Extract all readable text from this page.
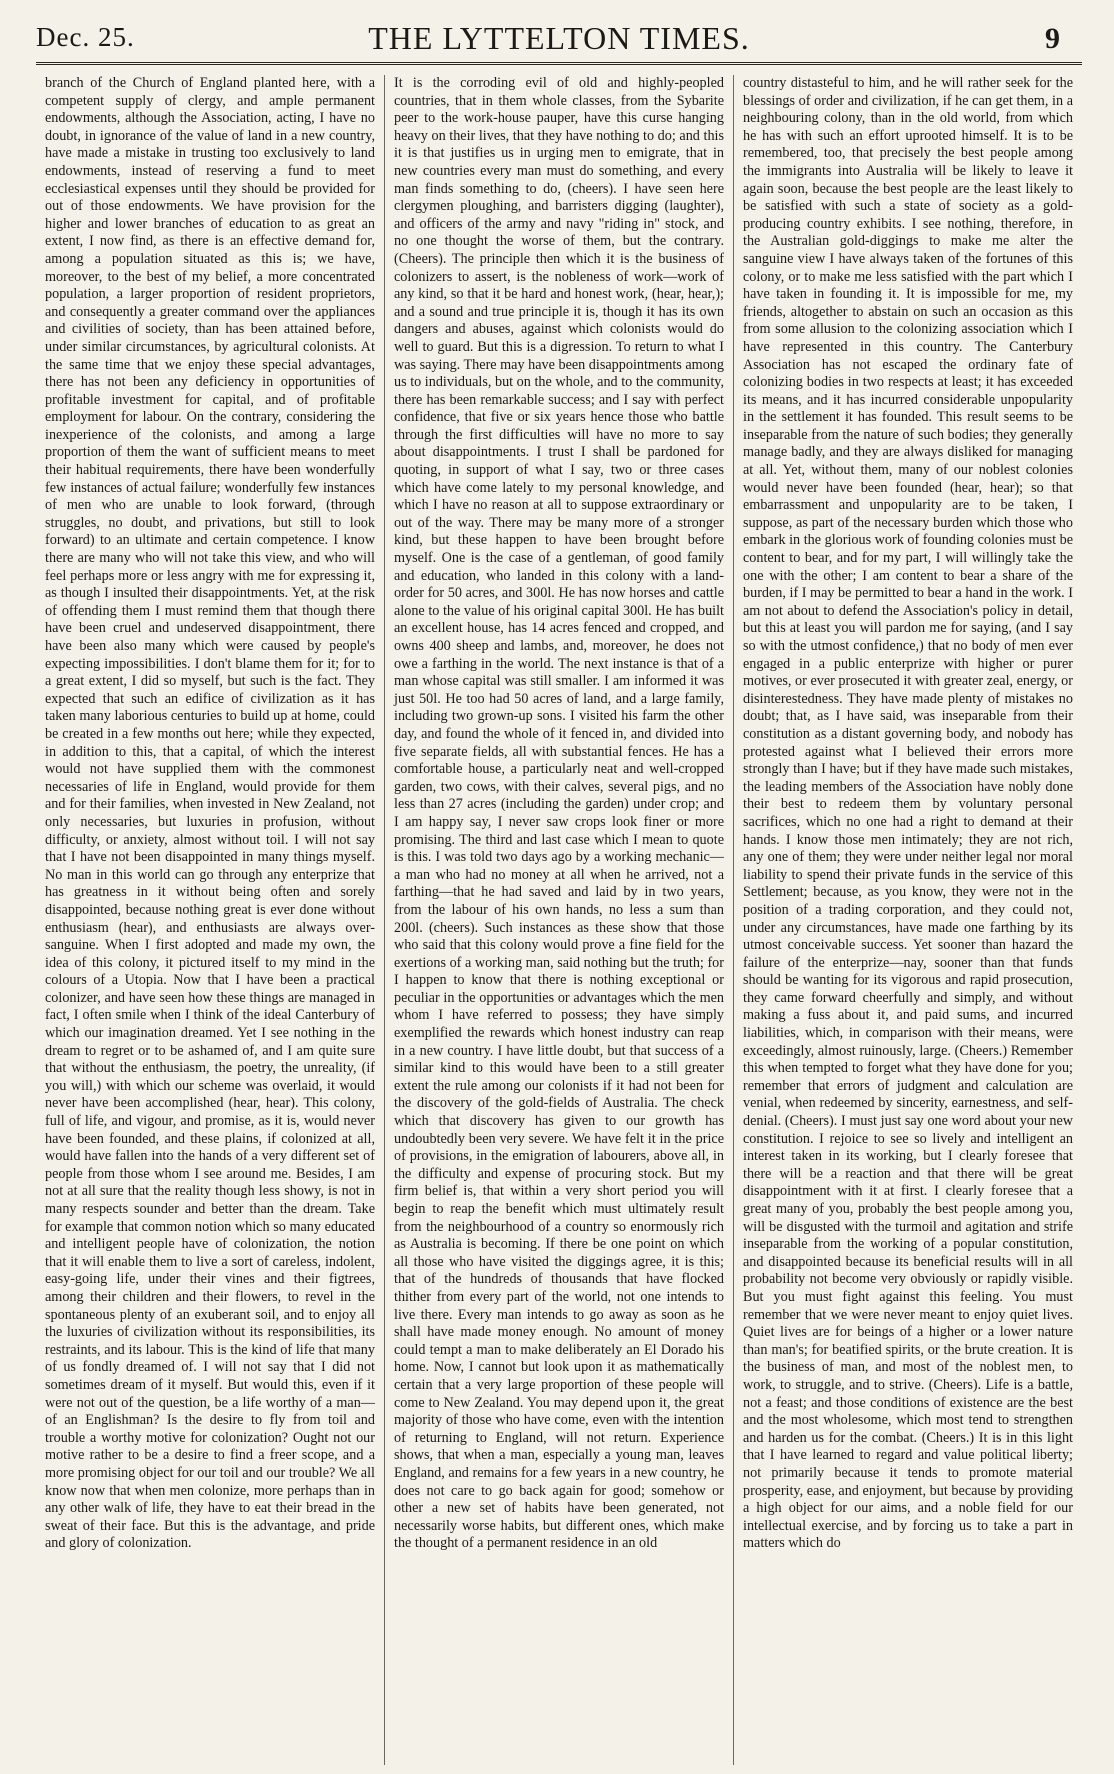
Dec. 25.	THE LYTTELTON TIMES.	9

branch of the Church of England planted here, with a competent supply of clergy, and ample permanent endowments, although the Association, acting, I have no doubt, in ignorance of the value of land in a new country, have made a mistake in trusting too exclusively to land endowments, instead of reserving a fund to meet ecclesiastical expenses until they should be provided for out of those endowments. We have provision for the higher and lower branches of education to as great an extent, I now find, as there is an effective demand for, among a population situated as this is; we have, moreover, to the best of my belief, a more concentrated population, a larger proportion of resident proprietors, and consequently a greater command over the appliances and civilities of society, than has been attained before, under similar circumstances, by agricultural colonists. At the same time that we enjoy these special advantages, there has not been any deficiency in opportunities of profitable investment for capital, and of profitable employment for labour. On the contrary, considering the inexperience of the colonists, and among a large proportion of them the want of sufficient means to meet their habitual requirements, there have been wonderfully few instances of actual failure; wonderfully few instances of men who are unable to look forward, (through struggles, no doubt, and privations, but still to look forward) to an ultimate and certain competence. I know there are many who will not take this view, and who will feel perhaps more or less angry with me for expressing it, as though I insulted their disappointments. Yet, at the risk of offending them I must remind them that though there have been cruel and undeserved disappointment, there have been also many which were caused by people's expecting impossibilities. I don't blame them for it; for to a great extent, I did so myself, but such is the fact. They expected that such an edifice of civilization as it has taken many laborious centuries to build up at home, could be created in a few months out here; while they expected, in addition to this, that a capital, of which the interest would not have supplied them with the commonest necessaries of life in England, would provide for them and for their families, when invested in New Zealand, not only necessaries, but luxuries in profusion, without difficulty, or anxiety, almost without toil. I will not say that I have not been disappointed in many things myself. No man in this world can go through any enterprize that has greatness in it without being often and sorely disappointed, because nothing great is ever done without enthusiasm (hear), and enthusiasts are always over-sanguine. When I first adopted and made my own, the idea of this colony, it pictured itself to my mind in the colours of a Utopia. Now that I have been a practical colonizer, and have seen how these things are managed in fact, I often smile when I think of the ideal Canterbury of which our imagination dreamed. Yet I see nothing in the dream to regret or to be ashamed of, and I am quite sure that without the enthusiasm, the poetry, the unreality, (if you will,) with which our scheme was overlaid, it would never have been accomplished (hear, hear). This colony, full of life, and vigour, and promise, as it is, would never have been founded, and these plains, if colonized at all, would have fallen into the hands of a very different set of people from those whom I see around me. Besides, I am not at all sure that the reality though less showy, is not in many respects sounder and better than the dream. Take for example that common notion which so many educated and intelligent people have of colonization, the notion that it will enable them to live a sort of careless, indolent, easy-going life, under their vines and their figtrees, among their children and their flowers, to revel in the spontaneous plenty of an exuberant soil, and to enjoy all the luxuries of civilization without its responsibilities, its restraints, and its labour. This is the kind of life that many of us fondly dreamed of. I will not say that I did not sometimes dream of it myself. But would this, even if it were not out of the question, be a life worthy of a man—of an Englishman? Is the desire to fly from toil and trouble a worthy motive for colonization? Ought not our motive rather to be a desire to find a freer scope, and a more promising object for our toil and our trouble? We all know now that when men colonize, more perhaps than in any other walk of life, they have to eat their bread in the sweat of their face. But this is the advantage, and pride and glory of colonization.

It is the corroding evil of old and highly-peopled countries, that in them whole classes, from the Sybarite peer to the work-house pauper, have this curse hanging heavy on their lives, that they have nothing to do; and this it is that justifies us in urging men to emigrate, that in new countries every man must do something, and every man finds something to do, (cheers). I have seen here clergymen ploughing, and barristers digging (laughter), and officers of the army and navy "riding in" stock, and no one thought the worse of them, but the contrary. (Cheers). The principle then which it is the business of colonizers to assert, is the nobleness of work—work of any kind, so that it be hard and honest work, (hear, hear,); and a sound and true principle it is, though it has its own dangers and abuses, against which colonists would do well to guard. But this is a digression. To return to what I was saying. There may have been disappointments among us to individuals, but on the whole, and to the community, there has been remarkable success; and I say with perfect confidence, that five or six years hence those who battle through the first difficulties will have no more to say about disappointments. I trust I shall be pardoned for quoting, in support of what I say, two or three cases which have come lately to my personal knowledge, and which I have no reason at all to suppose extraordinary or out of the way. There may be many more of a stronger kind, but these happen to have been brought before myself. One is the case of a gentleman, of good family and education, who landed in this colony with a land-order for 50 acres, and 300l. He has now horses and cattle alone to the value of his original capital 300l. He has built an excellent house, has 14 acres fenced and cropped, and owns 400 sheep and lambs, and, moreover, he does not owe a farthing in the world. The next instance is that of a man whose capital was still smaller. I am informed it was just 50l. He too had 50 acres of land, and a large family, including two grown-up sons. I visited his farm the other day, and found the whole of it fenced in, and divided into five separate fields, all with substantial fences. He has a comfortable house, a particularly neat and well-cropped garden, two cows, with their calves, several pigs, and no less than 27 acres (including the garden) under crop; and I am happy say, I never saw crops look finer or more promising. The third and last case which I mean to quote is this. I was told two days ago by a working mechanic—a man who had no money at all when he arrived, not a farthing—that he had saved and laid by in two years, from the labour of his own hands, no less a sum than 200l. (cheers). Such instances as these show that those who said that this colony would prove a fine field for the exertions of a working man, said nothing but the truth; for I happen to know that there is nothing exceptional or peculiar in the opportunities or advantages which the men whom I have referred to possess; they have simply exemplified the rewards which honest industry can reap in a new country. I have little doubt, but that success of a similar kind to this would have been to a still greater extent the rule among our colonists if it had not been for the discovery of the gold-fields of Australia. The check which that discovery has given to our growth has undoubtedly been very severe. We have felt it in the price of provisions, in the emigration of labourers, above all, in the difficulty and expense of procuring stock. But my firm belief is, that within a very short period you will begin to reap the benefit which must ultimately result from the neighbourhood of a country so enormously rich as Australia is becoming. If there be one point on which all those who have visited the diggings agree, it is this; that of the hundreds of thousands that have flocked thither from every part of the world, not one intends to live there. Every man intends to go away as soon as he shall have made money enough. No amount of money could tempt a man to make deliberately an El Dorado his home. Now, I cannot but look upon it as mathematically certain that a very large proportion of these people will come to New Zealand. You may depend upon it, the great majority of those who have come, even with the intention of returning to England, will not return. Experience shows, that when a man, especially a young man, leaves England, and remains for a few years in a new country, he does not care to go back again for good; somehow or other a new set of habits have been generated, not necessarily worse habits, but different ones, which make the thought of a permanent residence in an old

country distasteful to him, and he will rather seek for the blessings of order and civilization, if he can get them, in a neighbouring colony, than in the old world, from which he has with such an effort uprooted himself. It is to be remembered, too, that precisely the best people among the immigrants into Australia will be likely to leave it again soon, because the best people are the least likely to be satisfied with such a state of society as a gold-producing country exhibits. I see nothing, therefore, in the Australian gold-diggings to make me alter the sanguine view I have always taken of the fortunes of this colony, or to make me less satisfied with the part which I have taken in founding it. It is impossible for me, my friends, altogether to abstain on such an occasion as this from some allusion to the colonizing association which I have represented in this country. The Canterbury Association has not escaped the ordinary fate of colonizing bodies in two respects at least; it has exceeded its means, and it has incurred considerable unpopularity in the settlement it has founded. This result seems to be inseparable from the nature of such bodies; they generally manage badly, and they are always disliked for managing at all. Yet, without them, many of our noblest colonies would never have been founded (hear, hear); so that embarrassment and unpopularity are to be taken, I suppose, as part of the necessary burden which those who embark in the glorious work of founding colonies must be content to bear, and for my part, I will willingly take the one with the other; I am content to bear a share of the burden, if I may be permitted to bear a hand in the work. I am not about to defend the Association's policy in detail, but this at least you will pardon me for saying, (and I say so with the utmost confidence,) that no body of men ever engaged in a public enterprize with higher or purer motives, or ever prosecuted it with greater zeal, energy, or disinterestedness. They have made plenty of mistakes no doubt; that, as I have said, was inseparable from their constitution as a distant governing body, and nobody has protested against what I believed their errors more strongly than I have; but if they have made such mistakes, the leading members of the Association have nobly done their best to redeem them by voluntary personal sacrifices, which no one had a right to demand at their hands. I know those men intimately; they are not rich, any one of them; they were under neither legal nor moral liability to spend their private funds in the service of this Settlement; because, as you know, they were not in the position of a trading corporation, and they could not, under any circumstances, have made one farthing by its utmost conceivable success. Yet sooner than hazard the failure of the enterprize—nay, sooner than that funds should be wanting for its vigorous and rapid prosecution, they came forward cheerfully and simply, and without making a fuss about it, and paid sums, and incurred liabilities, which, in comparison with their means, were exceedingly, almost ruinously, large. (Cheers.) Remember this when tempted to forget what they have done for you; remember that errors of judgment and calculation are venial, when redeemed by sincerity, earnestness, and self-denial. (Cheers). I must just say one word about your new constitution. I rejoice to see so lively and intelligent an interest taken in its working, but I clearly foresee that there will be a reaction and that there will be great disappointment with it at first. I clearly foresee that a great many of you, probably the best people among you, will be disgusted with the turmoil and agitation and strife inseparable from the working of a popular constitution, and disappointed because its beneficial results will in all probability not become very obviously or rapidly visible. But you must fight against this feeling. You must remember that we were never meant to enjoy quiet lives. Quiet lives are for beings of a higher or a lower nature than man's; for beatified spirits, or the brute creation. It is the business of man, and most of the noblest men, to work, to struggle, and to strive. (Cheers). Life is a battle, not a feast; and those conditions of existence are the best and the most wholesome, which most tend to strengthen and harden us for the combat. (Cheers.) It is in this light that I have learned to regard and value political liberty; not primarily because it tends to promote material prosperity, ease, and enjoyment, but because by providing a high object for our aims, and a noble field for our intellectual exercise, and by forcing us to take a part in matters which do
